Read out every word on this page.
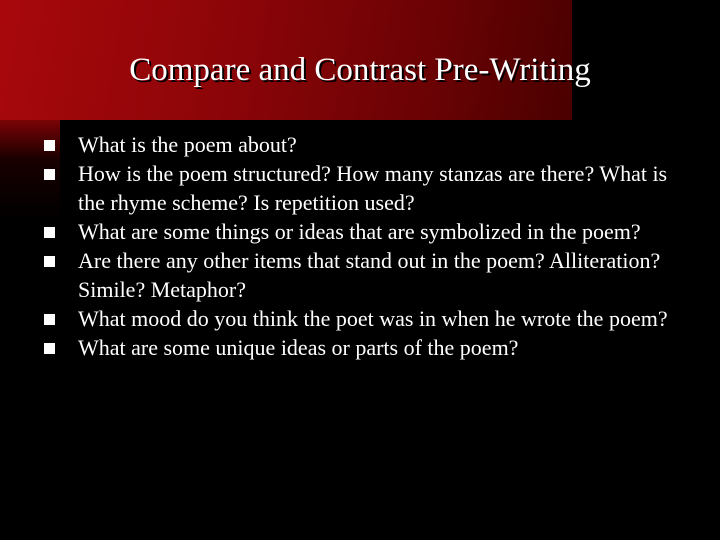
Compare and Contrast Pre-Writing
What is the poem about?
How is the poem structured? How many stanzas are there? What is the rhyme scheme? Is repetition used?
What are some things or ideas that are symbolized in the poem?
Are there any other items that stand out in the poem? Alliteration? Simile? Metaphor?
What mood do you think the poet was in when he wrote the poem?
What are some unique ideas or parts of the poem?
